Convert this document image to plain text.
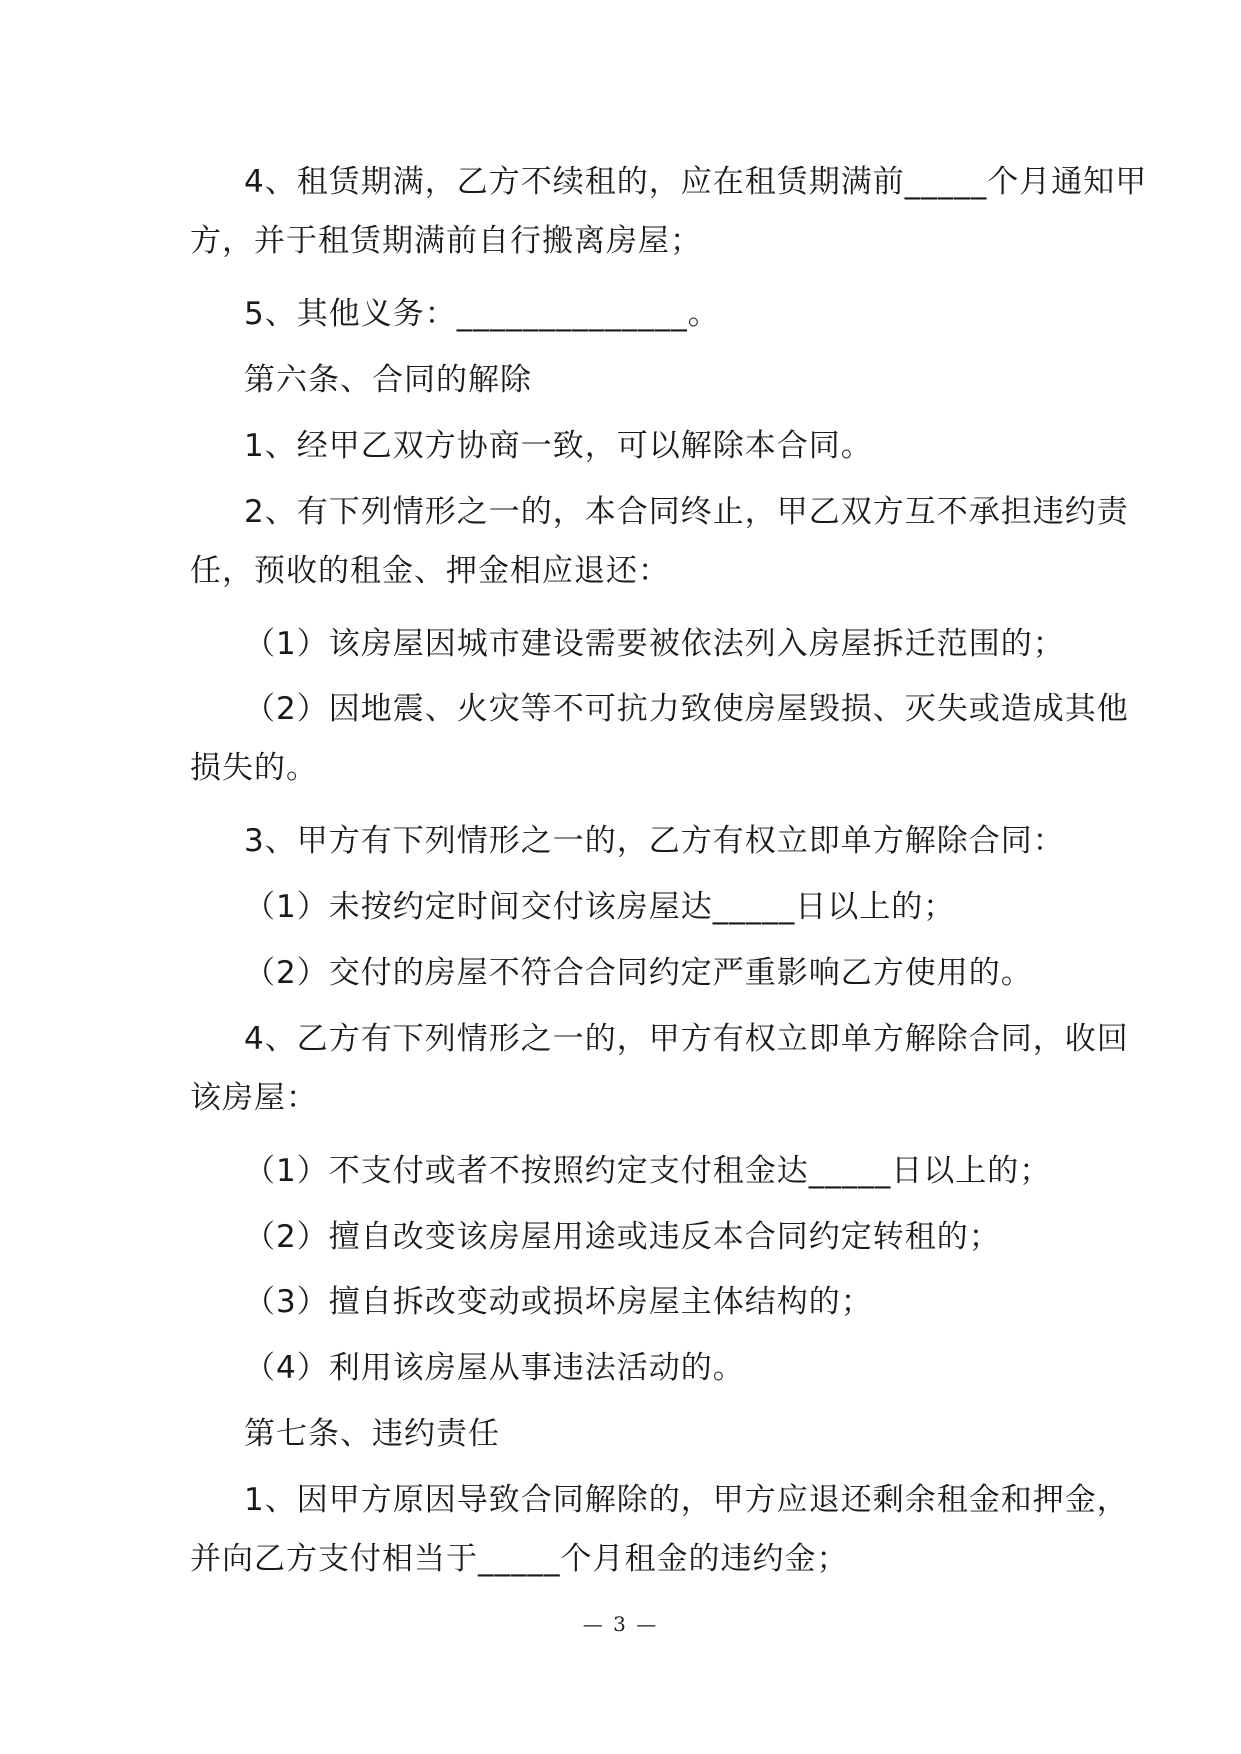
4、租赁期满，乙方不续租的，应在租赁期满前_____个月通知甲
方，并于租赁期满前自行搬离房屋；
5、其他义务：______________。
第六条、合同的解除
1、经甲乙双方协商一致，可以解除本合同。
2、有下列情形之一的，本合同终止，甲乙双方互不承担违约责
任，预收的租金、押金相应退还：
（1）该房屋因城市建设需要被依法列入房屋拆迁范围的；
（2）因地震、火灾等不可抗力致使房屋毁损、灭失或造成其他
损失的。
3、甲方有下列情形之一的，乙方有权立即单方解除合同：
（1）未按约定时间交付该房屋达_____日以上的；
（2）交付的房屋不符合合同约定严重影响乙方使用的。
4、乙方有下列情形之一的，甲方有权立即单方解除合同，收回
该房屋：
（1）不支付或者不按照约定支付租金达_____日以上的；
（2）擅自改变该房屋用途或违反本合同约定转租的；
（3）擅自拆改变动或损坏房屋主体结构的；
（4）利用该房屋从事违法活动的。
第七条、违约责任
1、因甲方原因导致合同解除的，甲方应退还剩余租金和押金，
并向乙方支付相当于_____个月租金的违约金；
— 3 —
